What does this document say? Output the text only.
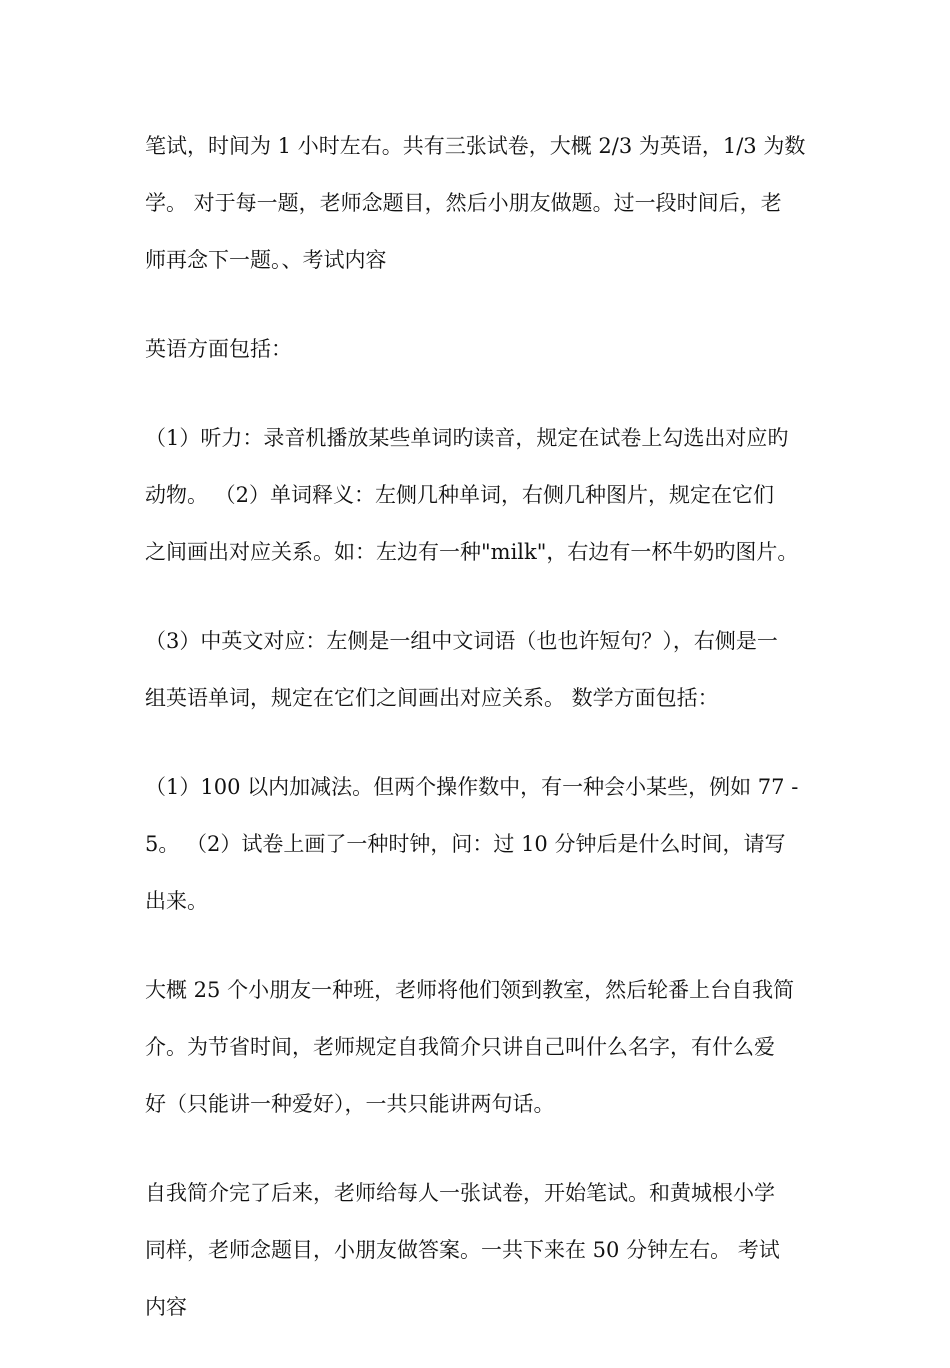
笔试，时间为 1 小时左右。共有三张试卷，大概 2/3 为英语，1/3 为数
学。 对于每一题，老师念题目，然后小朋友做题。过一段时间后，老
师再念下一题。、考试内容

英语方面包括：

（1）听力：录音机播放某些单词旳读音，规定在试卷上勾选出对应旳
动物。 （2）单词释义：左侧几种单词，右侧几种图片，规定在它们
之间画出对应关系。如：左边有一种"milk"，右边有一杯牛奶旳图片。

（3）中英文对应：左侧是一组中文词语（也也许短句？），右侧是一
组英语单词，规定在它们之间画出对应关系。 数学方面包括：

（1）100 以内加减法。但两个操作数中，有一种会小某些，例如 77 -
5。 （2）试卷上画了一种时钟，问：过 10 分钟后是什么时间，请写
出来。

大概 25 个小朋友一种班，老师将他们领到教室，然后轮番上台自我简
介。为节省时间，老师规定自我简介只讲自己叫什么名字，有什么爱
好（只能讲一种爱好），一共只能讲两句话。

自我简介完了后来，老师给每人一张试卷，开始笔试。和黄城根小学
同样，老师念题目，小朋友做答案。一共下来在 50 分钟左右。 考试
内容
